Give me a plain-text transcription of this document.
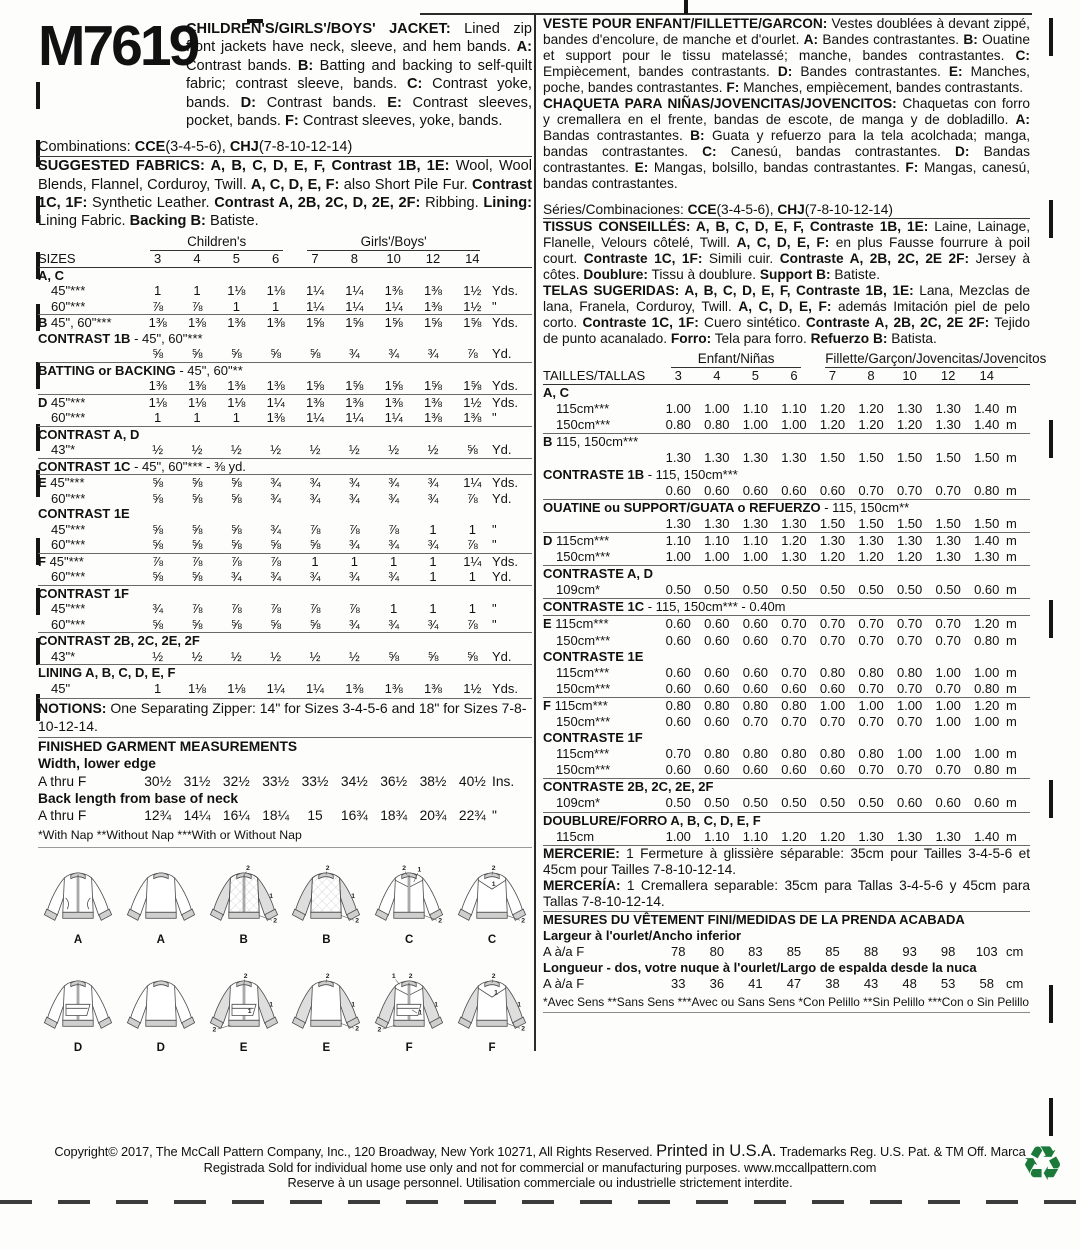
M7619

CHILDREN'S/GIRLS'/BOYS' JACKET: Lined zip front jackets have neck, sleeve, and hem bands. A: Contrast bands. B: Batting and backing to self-quilt fabric; contrast sleeve, bands. C: Contrast yoke, bands. D: Contrast bands. E: Contrast sleeves, pocket, bands. F: Contrast sleeves, yoke, bands.

Combinations: CCE(3-4-5-6), CHJ(7-8-10-12-14)

SUGGESTED FABRICS: A, B, C, D, E, F, Contrast 1B, 1E: Wool, Wool Blends, Flannel, Corduroy, Twill. A, C, D, E, F: also Short Pile Fur. Contrast 1C, 1F: Synthetic Leather. Contrast A, 2B, 2C, D, 2E, 2F: Ribbing. Lining: Lining Fabric. Backing B: Batiste.

Children's	Girls'/Boys'
SIZES	3	4	5	6	7	8	10	12	14
A, C
45"***	1	1	1⅛	1⅛	1¼	1¼	1⅜	1⅜	1½ Yds.
60"***	⅞	⅞	1	1	1¼	1¼	1¼	1⅜	1½ "
B 45", 60"***	1⅜	1⅜	1⅜	1⅜	1⅝	1⅝	1⅝	1⅝	1⅝ Yds.
CONTRAST 1B - 45", 60"***
⅝	⅝	⅝	⅝	⅝	¾	¾	¾	⅞	Yd.
BATTING or BACKING - 45", 60"**
1⅜	1⅜	1⅜	1⅜	1⅝	1⅝	1⅝	1⅝	1⅝ Yds.
D 45"***	1⅛	1⅛	1⅛	1¼	1⅜	1⅜	1⅜	1⅜	1½ Yds.
60"***	1	1	1	1⅜	1¼	1¼	1¼	1⅜	1⅜ "
CONTRAST A, D
43"*	½	½	½	½	½	½	½	½	⅝	Yd.
CONTRAST 1C - 45", 60"*** - ⅜ yd.
E 45"***	⅝	⅝	⅝	¾	¾	¾	¾	¾	1¼ Yds.
60"***	⅝	⅝	⅝	¾	¾	¾	¾	¾	⅞	Yd.
CONTRAST 1E
45"***	⅝	⅝	⅝	¾	⅞	⅞	⅞	1	1	"
60"***	⅝	⅝	⅝	⅝	⅝	¾	¾	¾	⅞	"
F 45"***	⅞	⅞	⅞	⅞	1	1	1	1	1¼ Yds.
60"***	⅝	⅝	¾	¾	¾	¾	¾	1	1	Yd.
CONTRAST 1F
45"***	¾	⅞	⅞	⅞	⅞	⅞	1	1	1	"
60"***	⅝	⅝	⅝	⅝	⅝	¾	¾	¾	⅞	"
CONTRAST 2B, 2C, 2E, 2F
43"*	½	½	½	½	½	½	⅝	⅝	⅝	Yd.
LINING A, B, C, D, E, F
45"	1	1⅛	1⅛	1¼	1¼	1⅜	1⅜	1⅜	1½ Yds.

NOTIONS: One Separating Zipper: 14" for Sizes 3-4-5-6 and 18" for Sizes 7-8-10-12-14.

FINISHED GARMENT MEASUREMENTS
Width, lower edge
A thru F	30½ 31½ 32½ 33½ 33½ 34½ 36½ 38½ 40½ Ins.
Back length from base of neck
A thru F	12¾ 14¼ 16¼ 18¼	15	16¾ 18¾ 20¾ 22¾ "
*With Nap **Without Nap ***With or Without Nap
A	A
2
1
2
B
2
1
2
B
2 1
2
C
2
1
2
C
D	D
2
1
1
2
E
2
1
2
E
1 2
1
1
2
F
2
1
1
2
F

VESTE POUR ENFANT/FILLETTE/GARCON: Vestes doublées à devant zippé, bandes d'encolure, de manche et d'ourlet. A: Bandes contrastantes. B: Ouatine et support pour le tissu matelassé; manche, bandes contrastantes. C: Empiècement, bandes contrastants. D: Bandes contrastantes. E: Manches, poche, bandes contrastantes. F: Manches, empiècement, bandes contrastants.

CHAQUETA PARA NIÑAS/JOVENCITAS/JOVENCITOS: Chaquetas con forro y cremallera en el frente, bandas de escote, de manga y de dobladillo. A: Bandas contrastantes. B: Guata y refuerzo para la tela acolchada; manga, bandas contrastantes. C: Canesú, bandas contrastantes. D: Bandas contrastantes. E: Mangas, bolsillo, bandas contrastantes. F: Mangas, canesú, bandas contrastantes.

Séries/Combinaciones: CCE(3-4-5-6), CHJ(7-8-10-12-14)

TISSUS CONSEILLÉS: A, B, C, D, E, F, Contraste 1B, 1E: Laine, Lainage, Flanelle, Velours côtelé, Twill. A, C, D, E, F: en plus Fausse fourrure à poil court. Contraste 1C, 1F: Simili cuir. Contraste A, 2B, 2C, 2E 2F: Jersey à côtes. Doublure: Tissu à doublure. Support B: Batiste.

TELAS SUGERIDAS: A, B, C, D, E, F, Contraste 1B, 1E: Lana, Mezclas de lana, Franela, Corduroy, Twill. A, C, D, E, F: además Imitación piel de pelo corto. Contraste 1C, 1F: Cuero sintético. Contraste A, 2B, 2C, 2E 2F: Tejido de punto acanalado. Forro: Tela para forro. Refuerzo B: Batista.

Enfant/Niñas	Fillette/Garçon/Jovencitas/Jovencitos
TAILLES/TALLAS	3	4	5	6	7	8	10	12	14
A, C
115cm***	1.00	1.00	1.10	1.10	1.20	1.20	1.30	1.30	1.40 m
150cm***	0.80	0.80	1.00	1.00	1.20	1.20	1.20	1.30	1.40 m
B 115, 150cm***
1.30	1.30	1.30	1.30	1.50	1.50	1.50	1.50	1.50 m
CONTRASTE 1B - 115, 150cm***
0.60	0.60	0.60	0.60	0.60	0.70	0.70	0.70	0.80 m
OUATINE ou SUPPORT/GUATA o REFUERZO - 115, 150cm**
1.30	1.30	1.30	1.30	1.50	1.50	1.50	1.50	1.50 m
D 115cm***	1.10	1.10	1.10	1.20	1.30	1.30	1.30	1.30	1.40 m
150cm***	1.00	1.00	1.00	1.30	1.20	1.20	1.20	1.30	1.30 m
CONTRASTE A, D
109cm*	0.50	0.50	0.50	0.50	0.50	0.50	0.50	0.50	0.60 m
CONTRASTE 1C - 115, 150cm*** - 0.40m
E 115cm***	0.60	0.60	0.60	0.70	0.70	0.70	0.70	0.70	1.20 m
150cm***	0.60	0.60	0.60	0.70	0.70	0.70	0.70	0.70	0.80 m
CONTRASTE 1E
115cm***	0.60	0.60	0.60	0.70	0.80	0.80	0.80	1.00	1.00 m
150cm***	0.60	0.60	0.60	0.60	0.60	0.70	0.70	0.70	0.80 m
F 115cm***	0.80	0.80	0.80	0.80	1.00	1.00	1.00	1.00	1.20 m
150cm***	0.60	0.60	0.70	0.70	0.70	0.70	0.70	1.00	1.00 m
CONTRASTE 1F
115cm***	0.70	0.80	0.80	0.80	0.80	0.80	1.00	1.00	1.00 m
150cm***	0.60	0.60	0.60	0.60	0.60	0.70	0.70	0.70	0.80 m
CONTRASTE 2B, 2C, 2E, 2F
109cm*	0.50	0.50	0.50	0.50	0.50	0.50	0.60	0.60	0.60 m
DOUBLURE/FORRO A, B, C, D, E, F
115cm	1.00	1.10	1.10	1.20	1.20	1.30	1.30	1.30	1.40 m

MERCERIE: 1 Fermeture à glissière séparable: 35cm pour Tailles 3-4-5-6 et 45cm pour Tailles 7-8-10-12-14.

MERCERÍA: 1 Cremallera separable: 35cm para Tallas 3-4-5-6 y 45cm para Tallas 7-8-10-12-14.

MESURES DU VÊTEMENT FINI/MEDIDAS DE LA PRENDA ACABADA
Largeur à l'ourlet/Ancho inferior
A à/a F	78	80	83	85	85	88	93	98	103 cm
Longueur - dos, votre nuque à l'ourlet/Largo de espalda desde la nuca
A à/a F	33	36	41	47	38	43	48	53	58 cm
*Avec Sens **Sans Sens ***Avec ou Sans Sens *Con Pelillo **Sin Pelillo ***Con o Sin Pelillo
Copyright© 2017, The McCall Pattern Company, Inc., 120 Broadway, New York 10271, All Rights Reserved. Printed in U.S.A. Trademarks Reg. U.S. Pat. & TM Off. Marca
Registrada Sold for individual home use only and not for commercial or manufacturing purposes. www.mccallpattern.com
Reserve à un usage personnel. Utilisation commerciale ou industrielle strictement interdite.	♻
